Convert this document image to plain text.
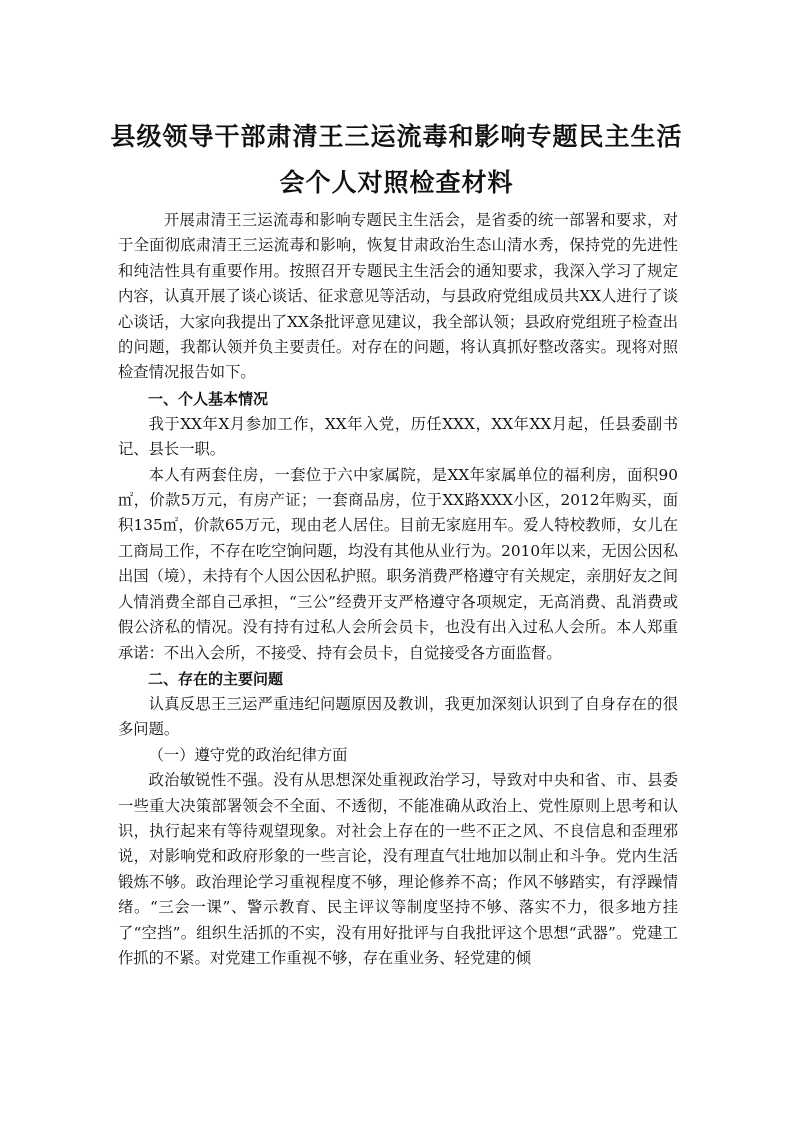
县级领导干部肃清王三运流毒和影响专题民主生活
会个人对照检查材料

开展肃清王三运流毒和影响专题民主生活会，是省委的统一部署和要求，对于全面彻底肃清王三运流毒和影响，恢复甘肃政治生态山清水秀，保持党的先进性和纯洁性具有重要作用。按照召开专题民主生活会的通知要求，我深入学习了规定内容，认真开展了谈心谈话、征求意见等活动，与县政府党组成员共XX人进行了谈心谈话，大家向我提出了XX条批评意见建议，我全部认领；县政府党组班子检查出的问题，我都认领并负主要责任。对存在的问题，将认真抓好整改落实。现将对照检查情况报告如下。

一、个人基本情况

我于XX年X月参加工作，XX年入党，历任XXX，XX年XX月起，任县委副书记、县长一职。

本人有两套住房，一套位于六中家属院，是XX年家属单位的福利房，面积90㎡，价款5万元，有房产证；一套商品房，位于XX路XXX小区，2012年购买，面积135㎡，价款65万元，现由老人居住。目前无家庭用车。爱人特校教师，女儿在工商局工作，不存在吃空饷问题，均没有其他从业行为。2010年以来，无因公因私出国（境），未持有个人因公因私护照。职务消费严格遵守有关规定，亲朋好友之间人情消费全部自己承担，“三公”经费开支严格遵守各项规定，无高消费、乱消费或假公济私的情况。没有持有过私人会所会员卡，也没有出入过私人会所。本人郑重承诺：不出入会所，不接受、持有会员卡，自觉接受各方面监督。

二、存在的主要问题

认真反思王三运严重违纪问题原因及教训，我更加深刻认识到了自身存在的很多问题。

（一）遵守党的政治纪律方面

政治敏锐性不强。没有从思想深处重视政治学习，导致对中央和省、市、县委一些重大决策部署领会不全面、不透彻，不能准确从政治上、党性原则上思考和认识，执行起来有等待观望现象。对社会上存在的一些不正之风、不良信息和歪理邪说，对影响党和政府形象的一些言论，没有理直气壮地加以制止和斗争。党内生活锻炼不够。政治理论学习重视程度不够，理论修养不高；作风不够踏实，有浮躁情绪。“三会一课”、警示教育、民主评议等制度坚持不够、落实不力，很多地方挂了“空挡”。组织生活抓的不实，没有用好批评与自我批评这个思想“武器”。党建工作抓的不紧。对党建工作重视不够，存在重业务、轻党建的倾
